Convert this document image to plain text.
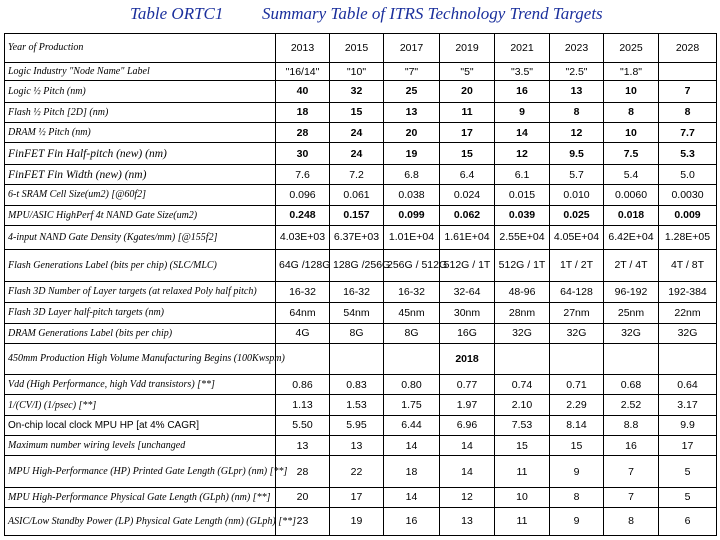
Table ORTC1 Summary Table of ITRS Technology Trend Targets
Year of Production	2013	2015	2017	2019	2021	2023	2025	2028
Logic Industry "Node Name" Label	"16/14"	"10"	"7"	"5"	"3.5"	"2.5"	"1.8"	
Logic ½ Pitch (nm)	40	32	25	20	16	13	10	7
Flash ½ Pitch [2D] (nm)	18	15	13	11	9	8	8	8
DRAM ½ Pitch (nm)	28	24	20	17	14	12	10	7.7
FinFET Fin Half-pitch (new) (nm)	30	24	19	15	12	9.5	7.5	5.3
FinFET Fin Width (new) (nm)	7.6	7.2	6.8	6.4	6.1	5.7	5.4	5.0
6-t SRAM Cell Size(um2) [@60f2]	0.096	0.061	0.038	0.024	0.015	0.010	0.0060	0.0030
MPU/ASIC HighPerf 4t NAND Gate Size(um2)	0.248	0.157	0.099	0.062	0.039	0.025	0.018	0.009
4-input NAND Gate Density (Kgates/mm) [@155f2]	4.03E+03	6.37E+03	1.01E+04	1.61E+04	2.55E+04	4.05E+04	6.42E+04	1.28E+05
Flash Generations Label (bits per chip) (SLC/MLC)	64G /128G	128G /256G	256G / 512G	512G / 1T	512G / 1T	1T / 2T	2T / 4T	4T / 8T
Flash 3D Number of Layer targets (at relaxed Poly half pitch)	16-32	16-32	16-32	32-64	48-96	64-128	96-192	192-384
Flash 3D Layer half-pitch targets (nm)	64nm	54nm	45nm	30nm	28nm	27nm	25nm	22nm
DRAM Generations Label (bits per chip)	4G	8G	8G	16G	32G	32G	32G	32G
450mm Production High Volume Manufacturing Begins (100Kwspm)				2018				
Vdd (High Performance, high Vdd transistors) [**]	0.86	0.83	0.80	0.77	0.74	0.71	0.68	0.64
1/(CV/I) (1/psec) [**]	1.13	1.53	1.75	1.97	2.10	2.29	2.52	3.17
On-chip local clock MPU HP [at 4% CAGR]	5.50	5.95	6.44	6.96	7.53	8.14	8.8	9.9
Maximum number wiring levels [unchanged	13	13	14	14	15	15	16	17
MPU High-Performance (HP) Printed Gate Length (GLpr) (nm) [**]	28	22	18	14	11	9	7	5
MPU High-Performance Physical Gate Length (GLph) (nm) [**]	20	17	14	12	10	8	7	5
ASIC/Low Standby Power (LP) Physical Gate Length (nm) (GLph) [**]	23	19	16	13	11	9	8	6
